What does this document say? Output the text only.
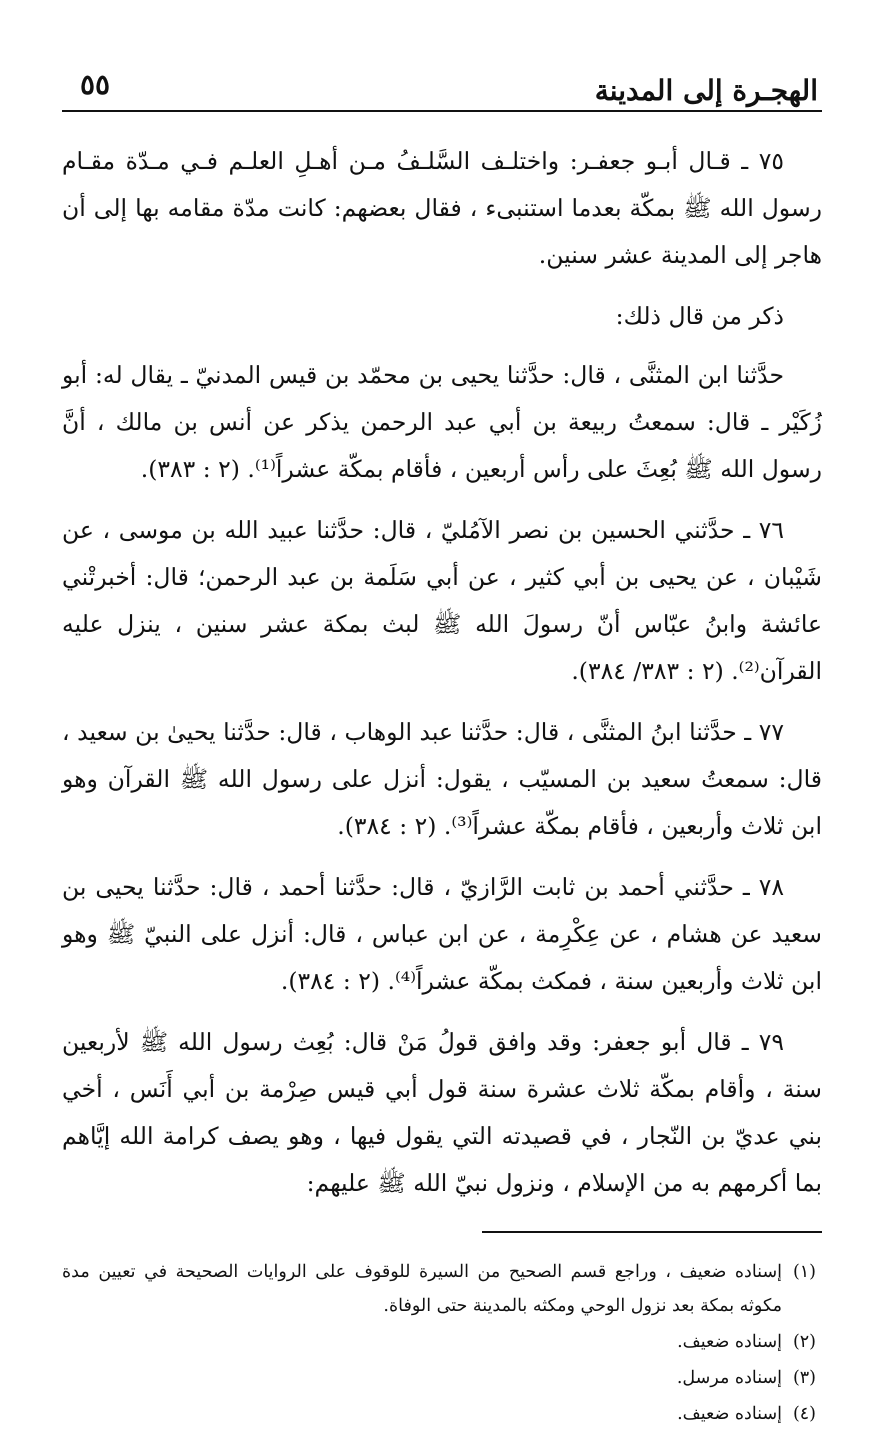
الهجـرة إلى المدينة
٥٥

٧٥ ـ قـال أبـو جعفـر: واختلـف السَّلـفُ مـن أهـلِ العلـم فـي مـدّة مقـام رسول الله ﷺ بمكّة بعدما استنبىء ، فقال بعضهم: كانت مدّة مقامه بها إلى أن هاجر إلى المدينة عشر سنين.

ذكر من قال ذلك:

حدَّثنا ابن المثنَّى ، قال: حدَّثنا يحيى بن محمّد بن قيس المدنيّ ـ يقال له: أبو زُكَيْر ـ قال: سمعتُ ربيعة بن أبي عبد الرحمن يذكر عن أنس بن مالك ، أنَّ رسول الله ﷺ بُعِثَ على رأس أربعين ، فأقام بمكّة عشراً⁽¹⁾. (٢ : ٣٨٣).

٧٦ ـ حدَّثني الحسين بن نصر الآمُليّ ، قال: حدَّثنا عبيد الله بن موسى ، عن شَيْبان ، عن يحيى بن أبي كثير ، عن أبي سَلَمة بن عبد الرحمن؛ قال: أخبرتْني عائشة وابنُ عبّاس أنّ رسولَ الله ﷺ لبث بمكة عشر سنين ، ينزل عليه القرآن⁽²⁾. (٢ : ٣٨٣/ ٣٨٤).

٧٧ ـ حدَّثنا ابنُ المثنَّى ، قال: حدَّثنا عبد الوهاب ، قال: حدَّثنا يحيىٰ بن سعيد ، قال: سمعتُ سعيد بن المسيّب ، يقول: أنزل على رسول الله ﷺ القرآن وهو ابن ثلاث وأربعين ، فأقام بمكّة عشراً⁽³⁾. (٢ : ٣٨٤).

٧٨ ـ حدَّثني أحمد بن ثابت الرَّازيّ ، قال: حدَّثنا أحمد ، قال: حدَّثنا يحيى بن سعيد عن هشام ، عن عِكْرِمة ، عن ابن عباس ، قال: أنزل على النبيّ ﷺ وهو ابن ثلاث وأربعين سنة ، فمكث بمكّة عشراً⁽⁴⁾. (٢ : ٣٨٤).

٧٩ ـ قال أبو جعفر: وقد وافق قولُ مَنْ قال: بُعِث رسول الله ﷺ لأربعين سنة ، وأقام بمكّة ثلاث عشرة سنة قول أبي قيس صِرْمة بن أبي أَنَس ، أخي بني عديّ بن النّجار ، في قصيدته التي يقول فيها ، وهو يصف كرامة الله إيَّاهم بما أكرمهم به من الإسلام ، ونزول نبيّ الله ﷺ عليهم:

(١)
إسناده ضعيف ، وراجع قسم الصحيح من السيرة للوقوف على الروايات الصحيحة في تعيين مدة مكوثه بمكة بعد نزول الوحي ومكثه بالمدينة حتى الوفاة.
(٢)
إسناده ضعيف.
(٣)
إسناده مرسل.
(٤)
إسناده ضعيف.
